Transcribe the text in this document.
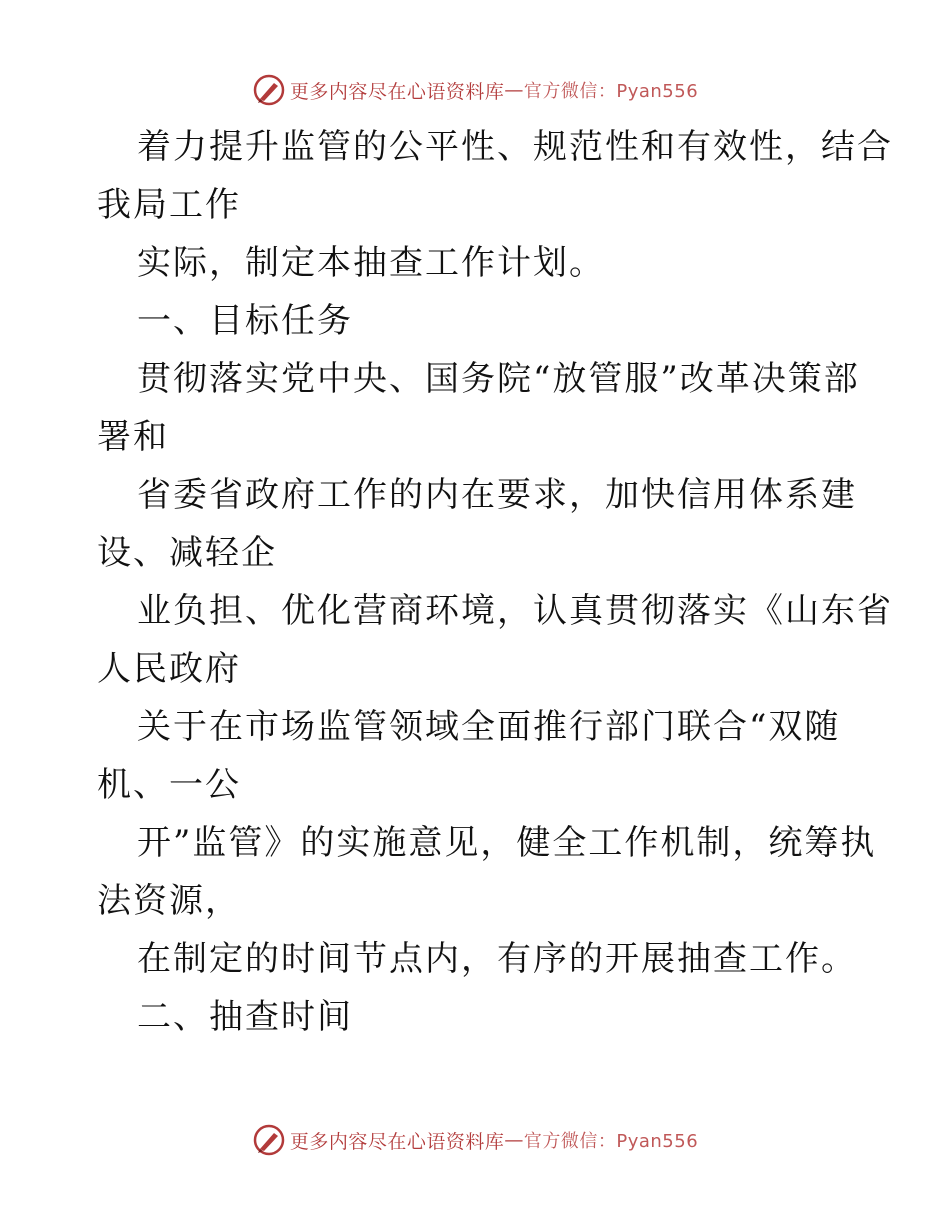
更多内容尽在心语资料库 — 官方微信：Pyan556
着力提升监管的公平性、规范性和有效性，结合
我局工作
实际，制定本抽查工作计划。
一、目标任务
贯彻落实党中央、国务院“放管服”改革决策部
署和
省委省政府工作的内在要求，加快信用体系建
设、减轻企
业负担、优化营商环境，认真贯彻落实《山东省
人民政府
关于在市场监管领域全面推行部门联合“双随
机、一公
开”监管》的实施意见，健全工作机制，统筹执
法资源，
在制定的时间节点内，有序的开展抽查工作。
二、抽查时间
更多内容尽在心语资料库 — 官方微信：Pyan556
